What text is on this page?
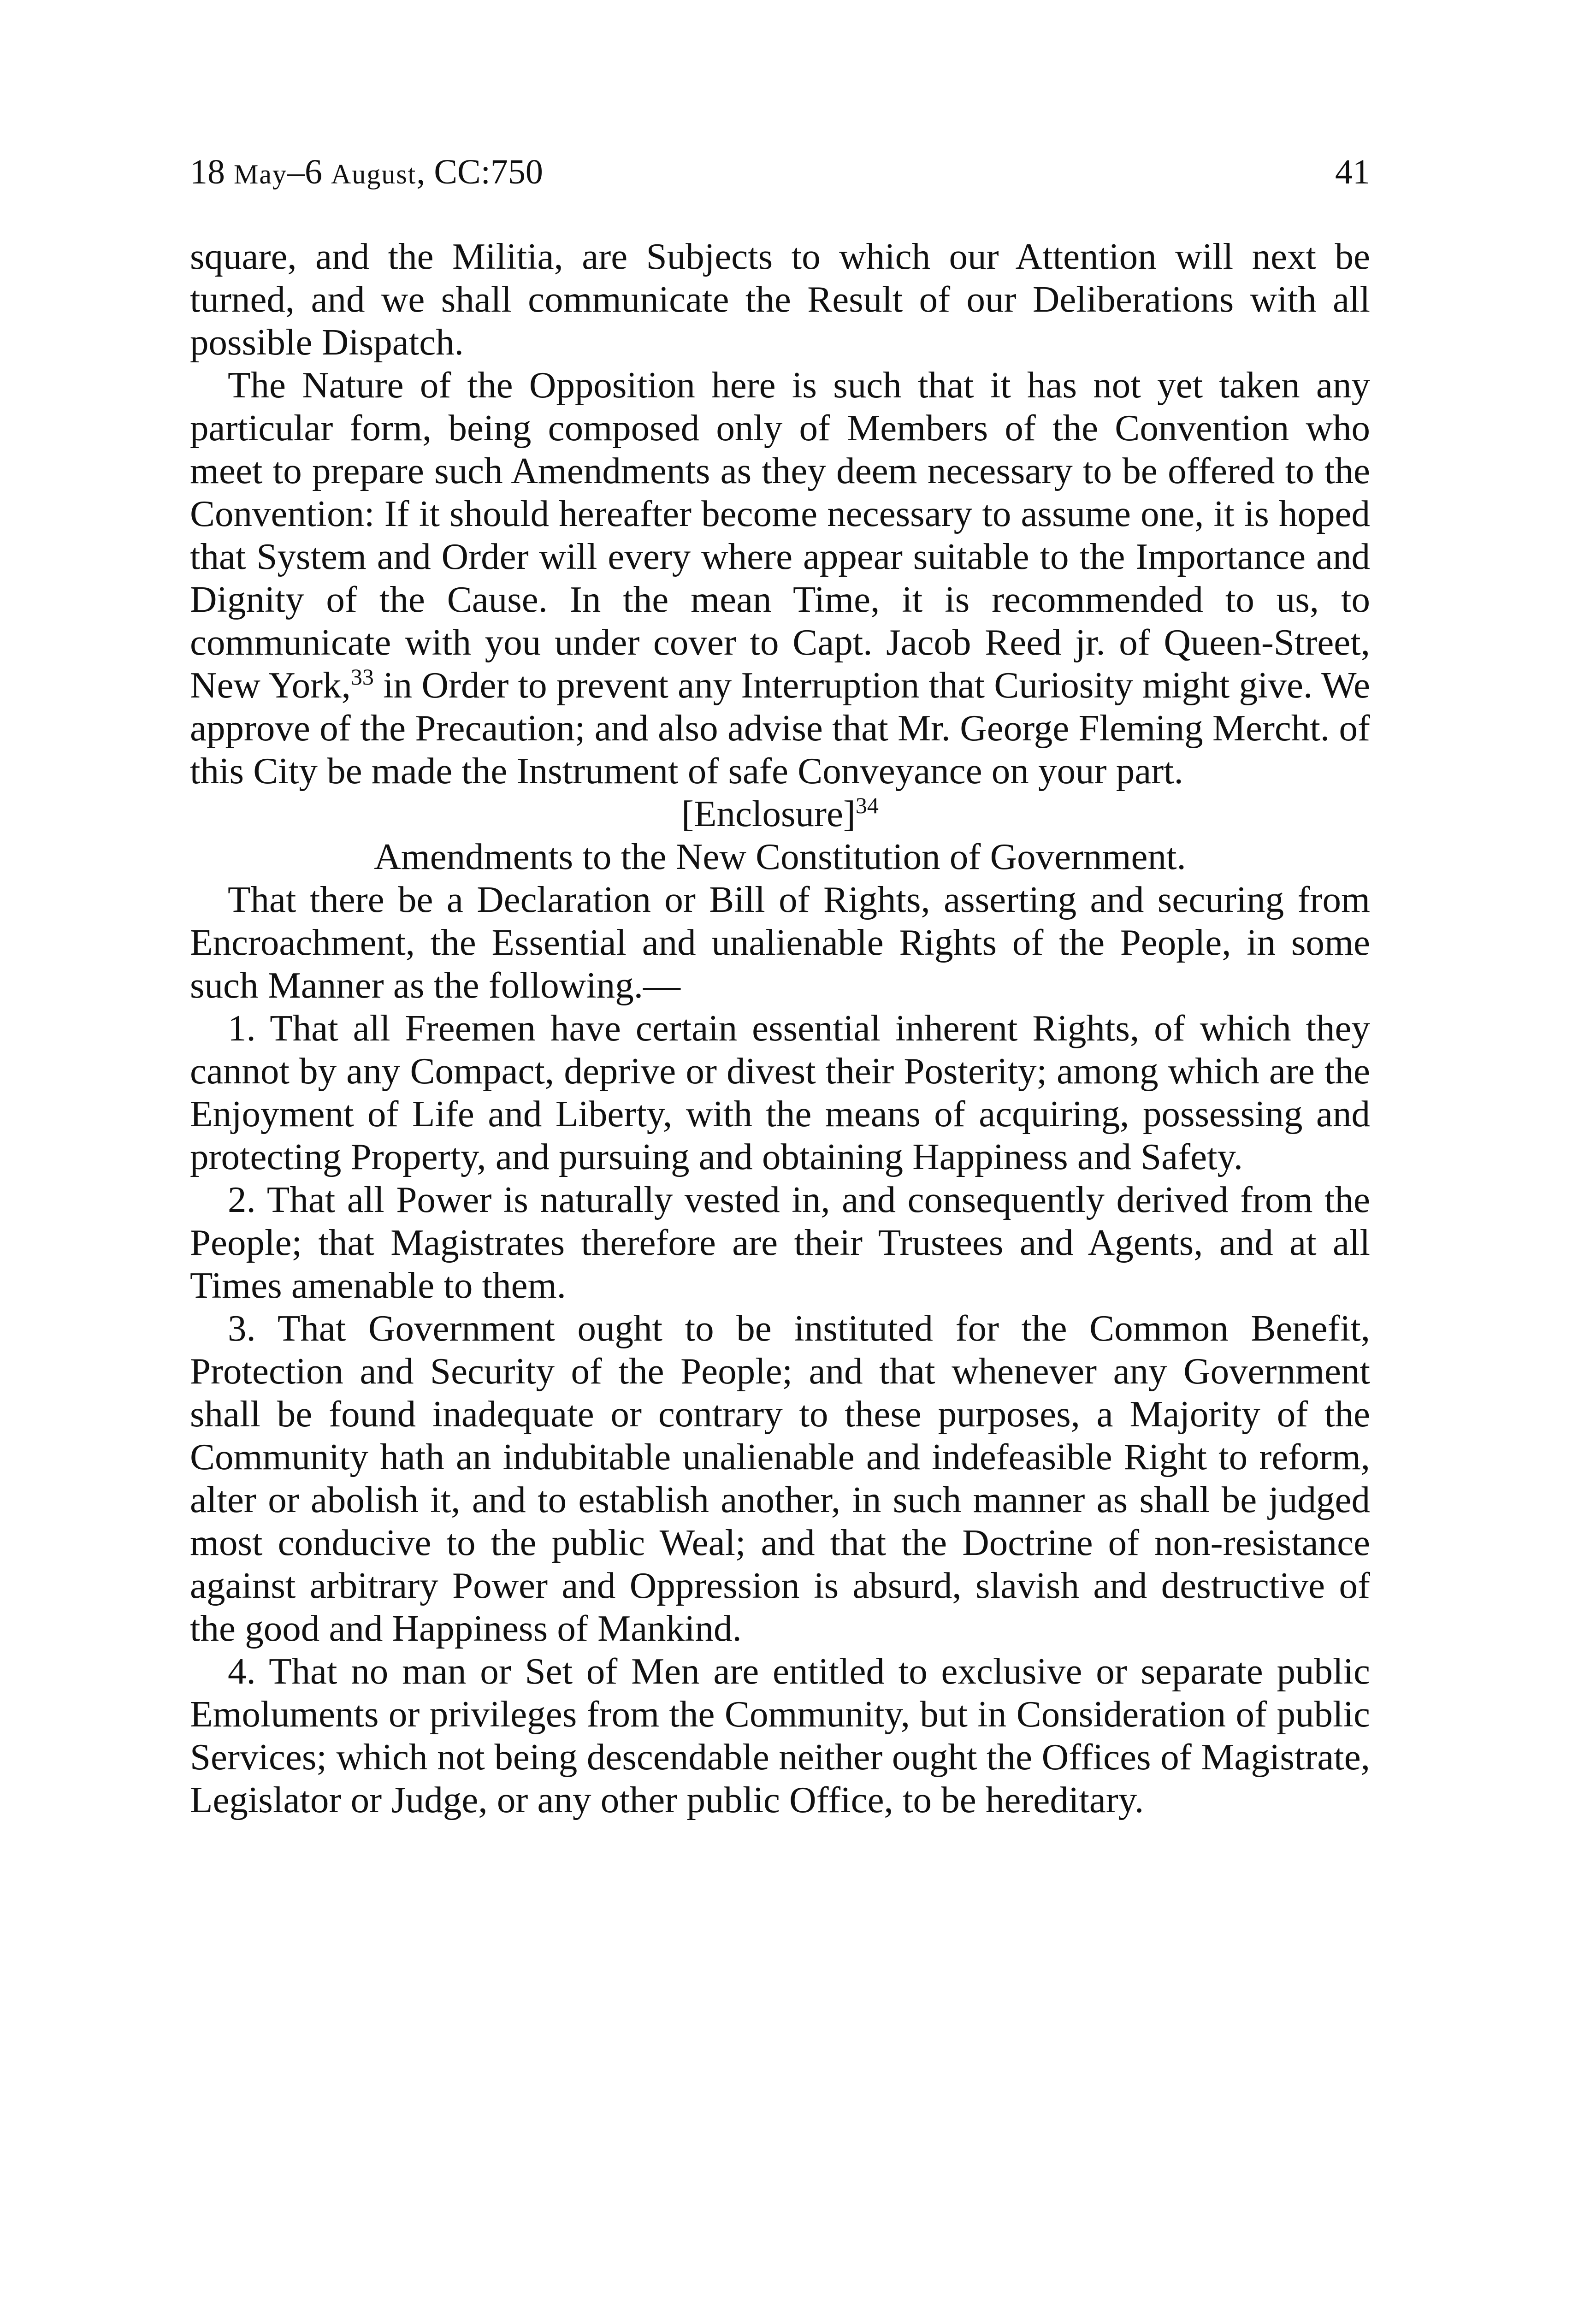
18 May–6 August, CC:750	41

square, and the Militia, are Subjects to which our Attention will next be turned, and we shall communicate the Result of our Deliberations with all possible Dispatch.

The Nature of the Opposition here is such that it has not yet taken any particular form, being composed only of Members of the Convention who meet to prepare such Amendments as they deem necessary to be offered to the Convention: If it should hereafter become necessary to assume one, it is hoped that System and Order will every where appear suitable to the Importance and Dignity of the Cause. In the mean Time, it is recommended to us, to communicate with you under cover to Capt. Jacob Reed jr. of Queen-Street, New York,$^{33}$ in Order to prevent any Interruption that Curiosity might give. We approve of the Precaution; and also advise that Mr. George Fleming Mercht. of this City be made the Instrument of safe Conveyance on your part.

[Enclosure]$^{34}$

Amendments to the New Constitution of Government.

That there be a Declaration or Bill of Rights, asserting and securing from Encroachment, the Essential and unalienable Rights of the People, in some such Manner as the following.—

1. That all Freemen have certain essential inherent Rights, of which they cannot by any Compact, deprive or divest their Posterity; among which are the Enjoyment of Life and Liberty, with the means of acquiring, possessing and protecting Property, and pursuing and obtaining Happiness and Safety.

2. That all Power is naturally vested in, and consequently derived from the People; that Magistrates therefore are their Trustees and Agents, and at all Times amenable to them.

3. That Government ought to be instituted for the Common Benefit, Protection and Security of the People; and that whenever any Government shall be found inadequate or contrary to these purposes, a Majority of the Community hath an indubitable unalienable and indefeasible Right to reform, alter or abolish it, and to establish another, in such manner as shall be judged most conducive to the public Weal; and that the Doctrine of non-resistance against arbitrary Power and Oppression is absurd, slavish and destructive of the good and Happiness of Mankind.

4. That no man or Set of Men are entitled to exclusive or separate public Emoluments or privileges from the Community, but in Consideration of public Services; which not being descendable neither ought the Offices of Magistrate, Legislator or Judge, or any other public Office, to be hereditary.
